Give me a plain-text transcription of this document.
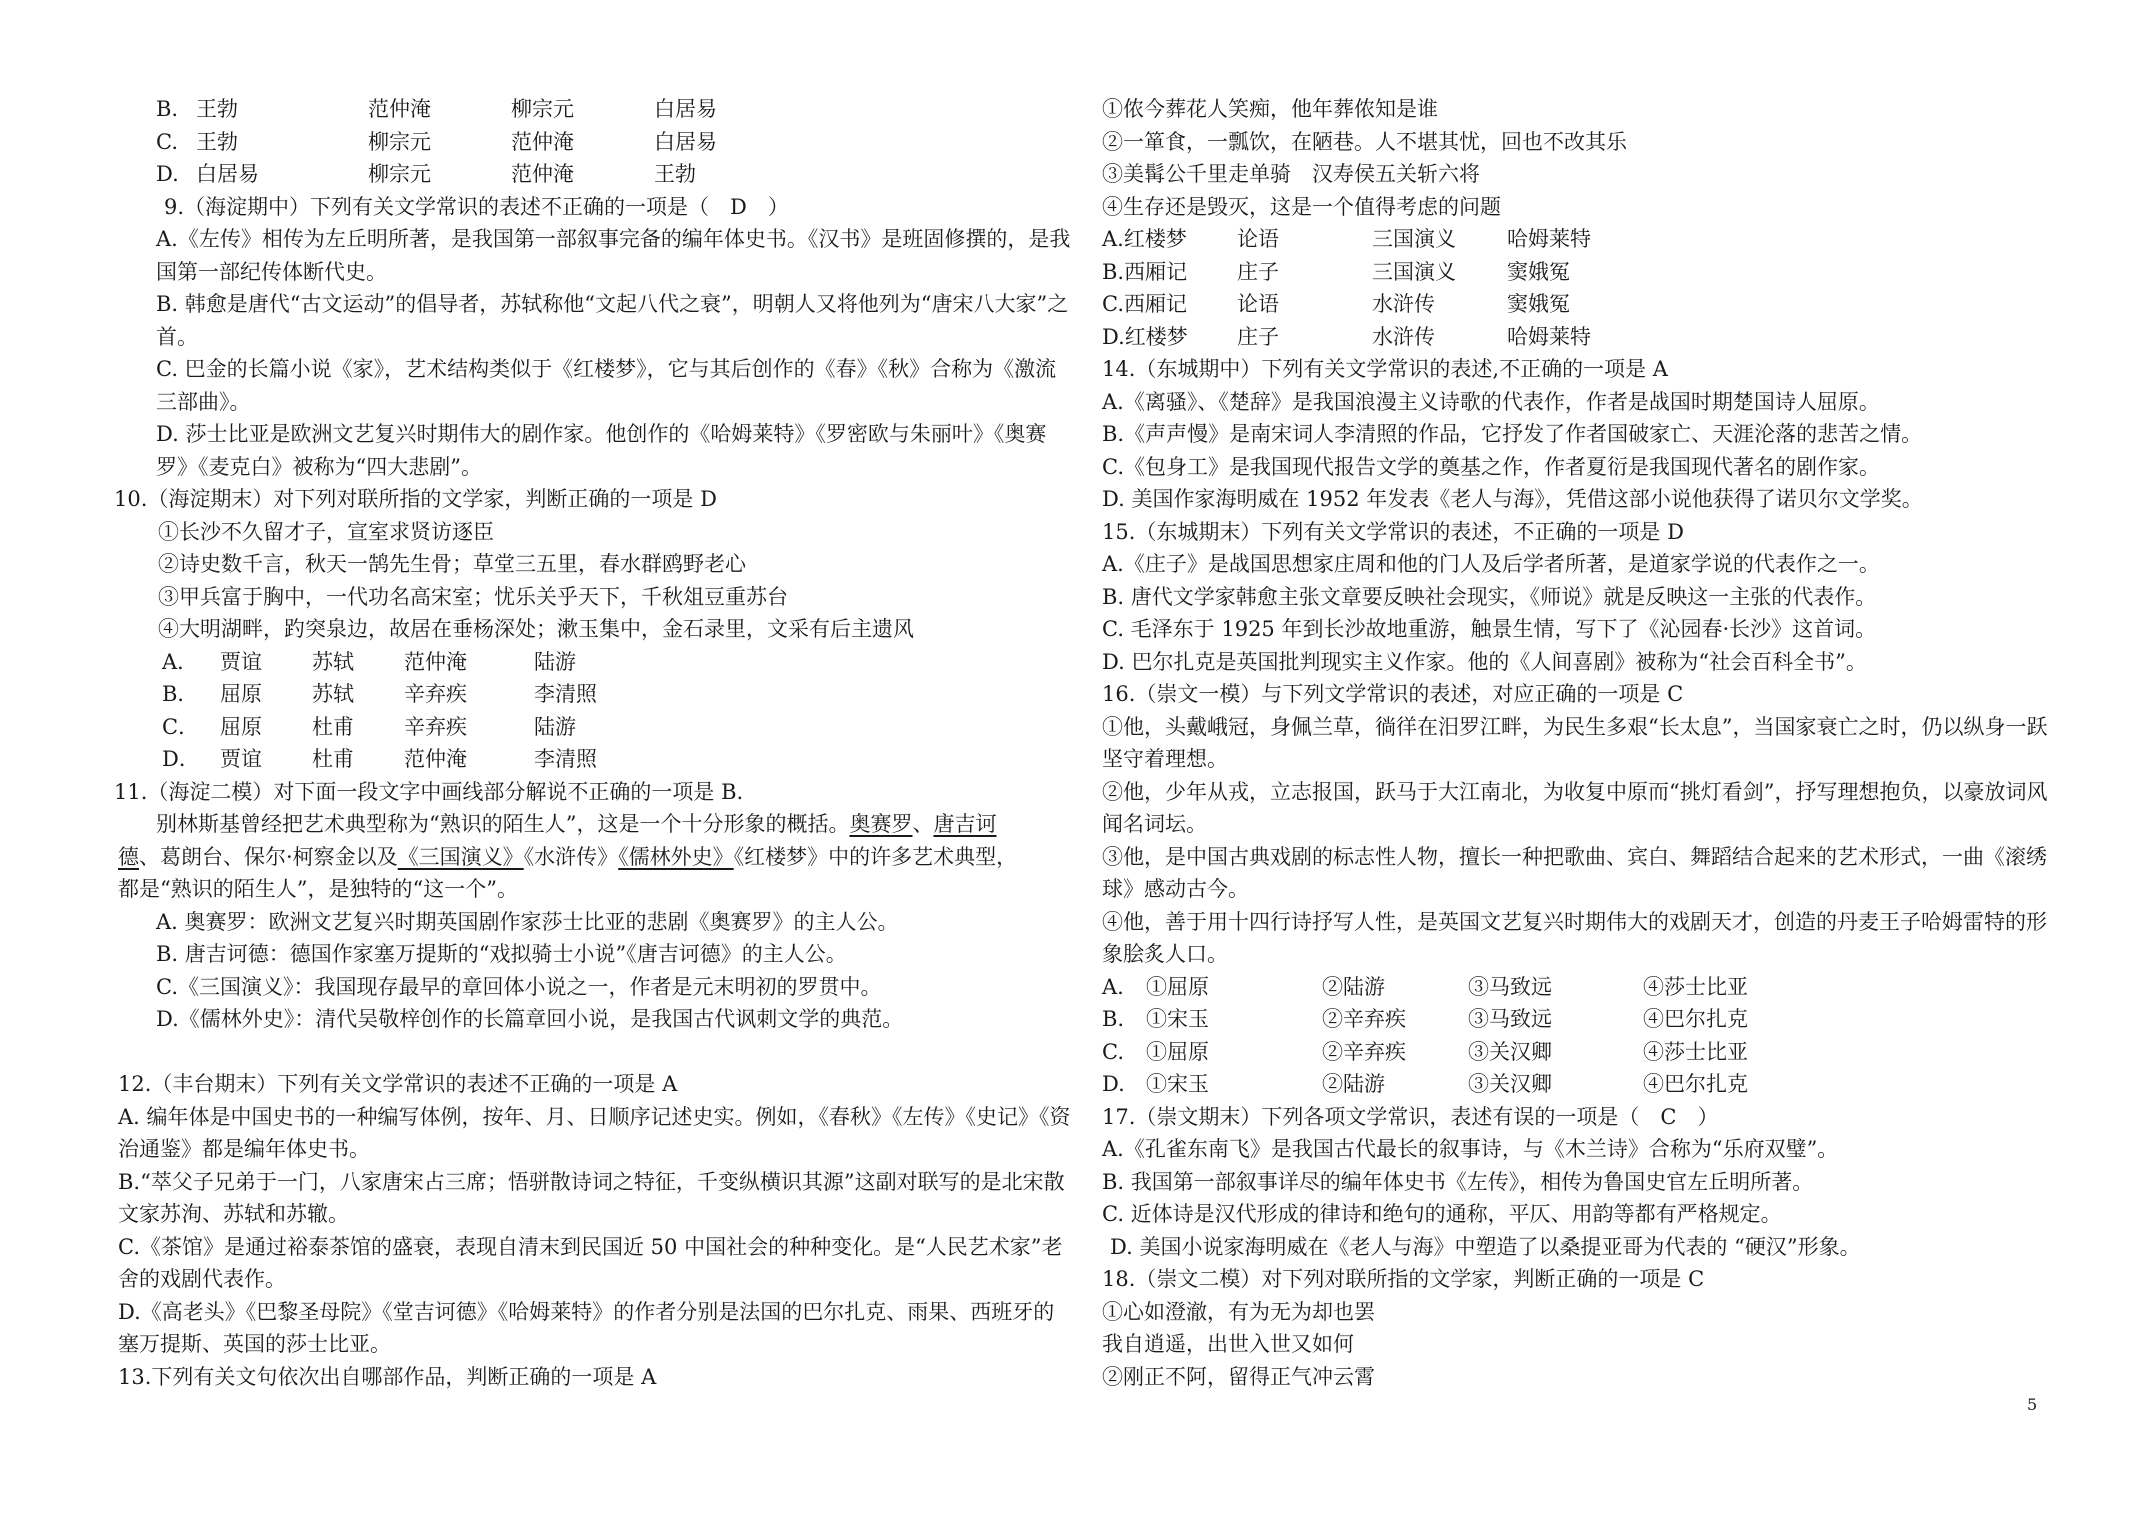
B. 王勃	范仲淹	柳宗元	白居易
C. 王勃	柳宗元	范仲淹	白居易
D. 白居易	柳宗元	范仲淹	王勃
9.（海淀期中）下列有关文学常识的表述不正确的一项是（　D　）
A.《左传》相传为左丘明所著，是我国第一部叙事完备的编年体史书。《汉书》是班固修撰的，是我国第一部纪传体断代史。
B. 韩愈是唐代“古文运动”的倡导者，苏轼称他“文起八代之衰”，明朝人又将他列为“唐宋八大家”之首。
C. 巴金的长篇小说《家》，艺术结构类似于《红楼梦》，它与其后创作的《春》《秋》合称为《激流三部曲》。
D. 莎士比亚是欧洲文艺复兴时期伟大的剧作家。他创作的《哈姆莱特》《罗密欧与朱丽叶》《奥赛罗》《麦克白》被称为“四大悲剧”。
10.（海淀期末）对下列对联所指的文学家，判断正确的一项是 D
①长沙不久留才子，宣室求贤访逐臣
②诗史数千言，秋天一鹄先生骨；草堂三五里，春水群鸥野老心
③甲兵富于胸中，一代功名高宋室；忧乐关乎天下，千秋俎豆重苏台
④大明湖畔，趵突泉边，故居在垂杨深处；漱玉集中，金石录里，文采有后主遗风
A． 贾谊 苏轼 范仲淹	陆游
B． 屈原 苏轼 辛弃疾	李清照
C． 屈原 杜甫 辛弃疾	陆游
D． 贾谊 杜甫 范仲淹	李清照
11.（海淀二模）对下面一段文字中画线部分解说不正确的一项是 B.
别林斯基曾经把艺术典型称为“熟识的陌生人”，这是一个十分形象的概括。奥赛罗、唐吉诃
德、葛朗台、保尔·柯察金以及《三国演义》《水浒传》《儒林外史》《红楼梦》中的许多艺术典型，
都是“熟识的陌生人”，是独特的“这一个”。
A. 奥赛罗：欧洲文艺复兴时期英国剧作家莎士比亚的悲剧《奥赛罗》的主人公。
B. 唐吉诃德：德国作家塞万提斯的“戏拟骑士小说”《唐吉诃德》的主人公。
C.《三国演义》：我国现存最早的章回体小说之一，作者是元末明初的罗贯中。
D.《儒林外史》：清代吴敬梓创作的长篇章回小说，是我国古代讽刺文学的典范。
12.（丰台期末）下列有关文学常识的表述不正确的一项是 A
A. 编年体是中国史书的一种编写体例，按年、月、日顺序记述史实。例如，《春秋》《左传》《史记》《资治通鉴》都是编年体史书。
B.“萃父子兄弟于一门，八家唐宋占三席；悟骈散诗词之特征，千变纵横识其源”这副对联写的是北宋散文家苏洵、苏轼和苏辙。
C.《茶馆》是通过裕泰茶馆的盛衰，表现自清末到民国近 50 中国社会的种种变化。是“人民艺术家”老舍的戏剧代表作。
D.《高老头》《巴黎圣母院》《堂吉诃德》《哈姆莱特》的作者分别是法国的巴尔扎克、雨果、西班牙的塞万提斯、英国的莎士比亚。
13.下列有关文句依次出自哪部作品，判断正确的一项是 A
①侬今葬花人笑痴，他年葬侬知是谁
②一箪食，一瓢饮，在陋巷。人不堪其忧，回也不改其乐
③美髯公千里走单骑　汉寿侯五关斩六将
④生存还是毁灭，这是一个值得考虑的问题
A.红楼梦 论语	三国演义 哈姆莱特
B.西厢记 庄子	三国演义 窦娥冤
C.西厢记 论语	水浒传	窦娥冤
D.红楼梦 庄子	水浒传	哈姆莱特
14.（东城期中）下列有关文学常识的表述,不正确的一项是 A
A.《离骚》、《楚辞》是我国浪漫主义诗歌的代表作，作者是战国时期楚国诗人屈原。
B.《声声慢》是南宋词人李清照的作品，它抒发了作者国破家亡、天涯沦落的悲苦之情。
C.《包身工》是我国现代报告文学的奠基之作，作者夏衍是我国现代著名的剧作家。
D. 美国作家海明威在 1952 年发表《老人与海》，凭借这部小说他获得了诺贝尔文学奖。
15.（东城期末）下列有关文学常识的表述，不正确的一项是 D
A.《庄子》是战国思想家庄周和他的门人及后学者所著，是道家学说的代表作之一。
B. 唐代文学家韩愈主张文章要反映社会现实，《师说》就是反映这一主张的代表作。
C. 毛泽东于 1925 年到长沙故地重游，触景生情，写下了《沁园春·长沙》这首词。
D. 巴尔扎克是英国批判现实主义作家。他的《人间喜剧》被称为“社会百科全书”。
16.（崇文一模）与下列文学常识的表述，对应正确的一项是 C
①他，头戴峨冠，身佩兰草，徜徉在汨罗江畔，为民生多艰“长太息”，当国家衰亡之时，仍以纵身一跃坚守着理想。
②他，少年从戎，立志报国，跃马于大江南北，为收复中原而“挑灯看剑”，抒写理想抱负，以豪放词风闻名词坛。
③他，是中国古典戏剧的标志性人物，擅长一种把歌曲、宾白、舞蹈结合起来的艺术形式，一曲《滚绣球》感动古今。
④他，善于用十四行诗抒写人性，是英国文艺复兴时期伟大的戏剧天才，创造的丹麦王子哈姆雷特的形象脍炙人口。
A. ①屈原	②陆游	③马致远	④莎士比亚
B. ①宋玉	②辛弃疾	③马致远	④巴尔扎克
C. ①屈原	②辛弃疾	③关汉卿	④莎士比亚
D. ①宋玉	②陆游	③关汉卿	④巴尔扎克
17.（崇文期末）下列各项文学常识，表述有误的一项是（　C　）
A.《孔雀东南飞》是我国古代最长的叙事诗，与《木兰诗》合称为“乐府双璧”。
B. 我国第一部叙事详尽的编年体史书《左传》，相传为鲁国史官左丘明所著。
C. 近体诗是汉代形成的律诗和绝句的通称，平仄、用韵等都有严格规定。
D. 美国小说家海明威在《老人与海》中塑造了以桑提亚哥为代表的 “硬汉”形象。
18.（崇文二模）对下列对联所指的文学家，判断正确的一项是 C
①心如澄澈，有为无为却也罢
我自逍遥，出世入世又如何
②刚正不阿，留得正气冲云霄
5
